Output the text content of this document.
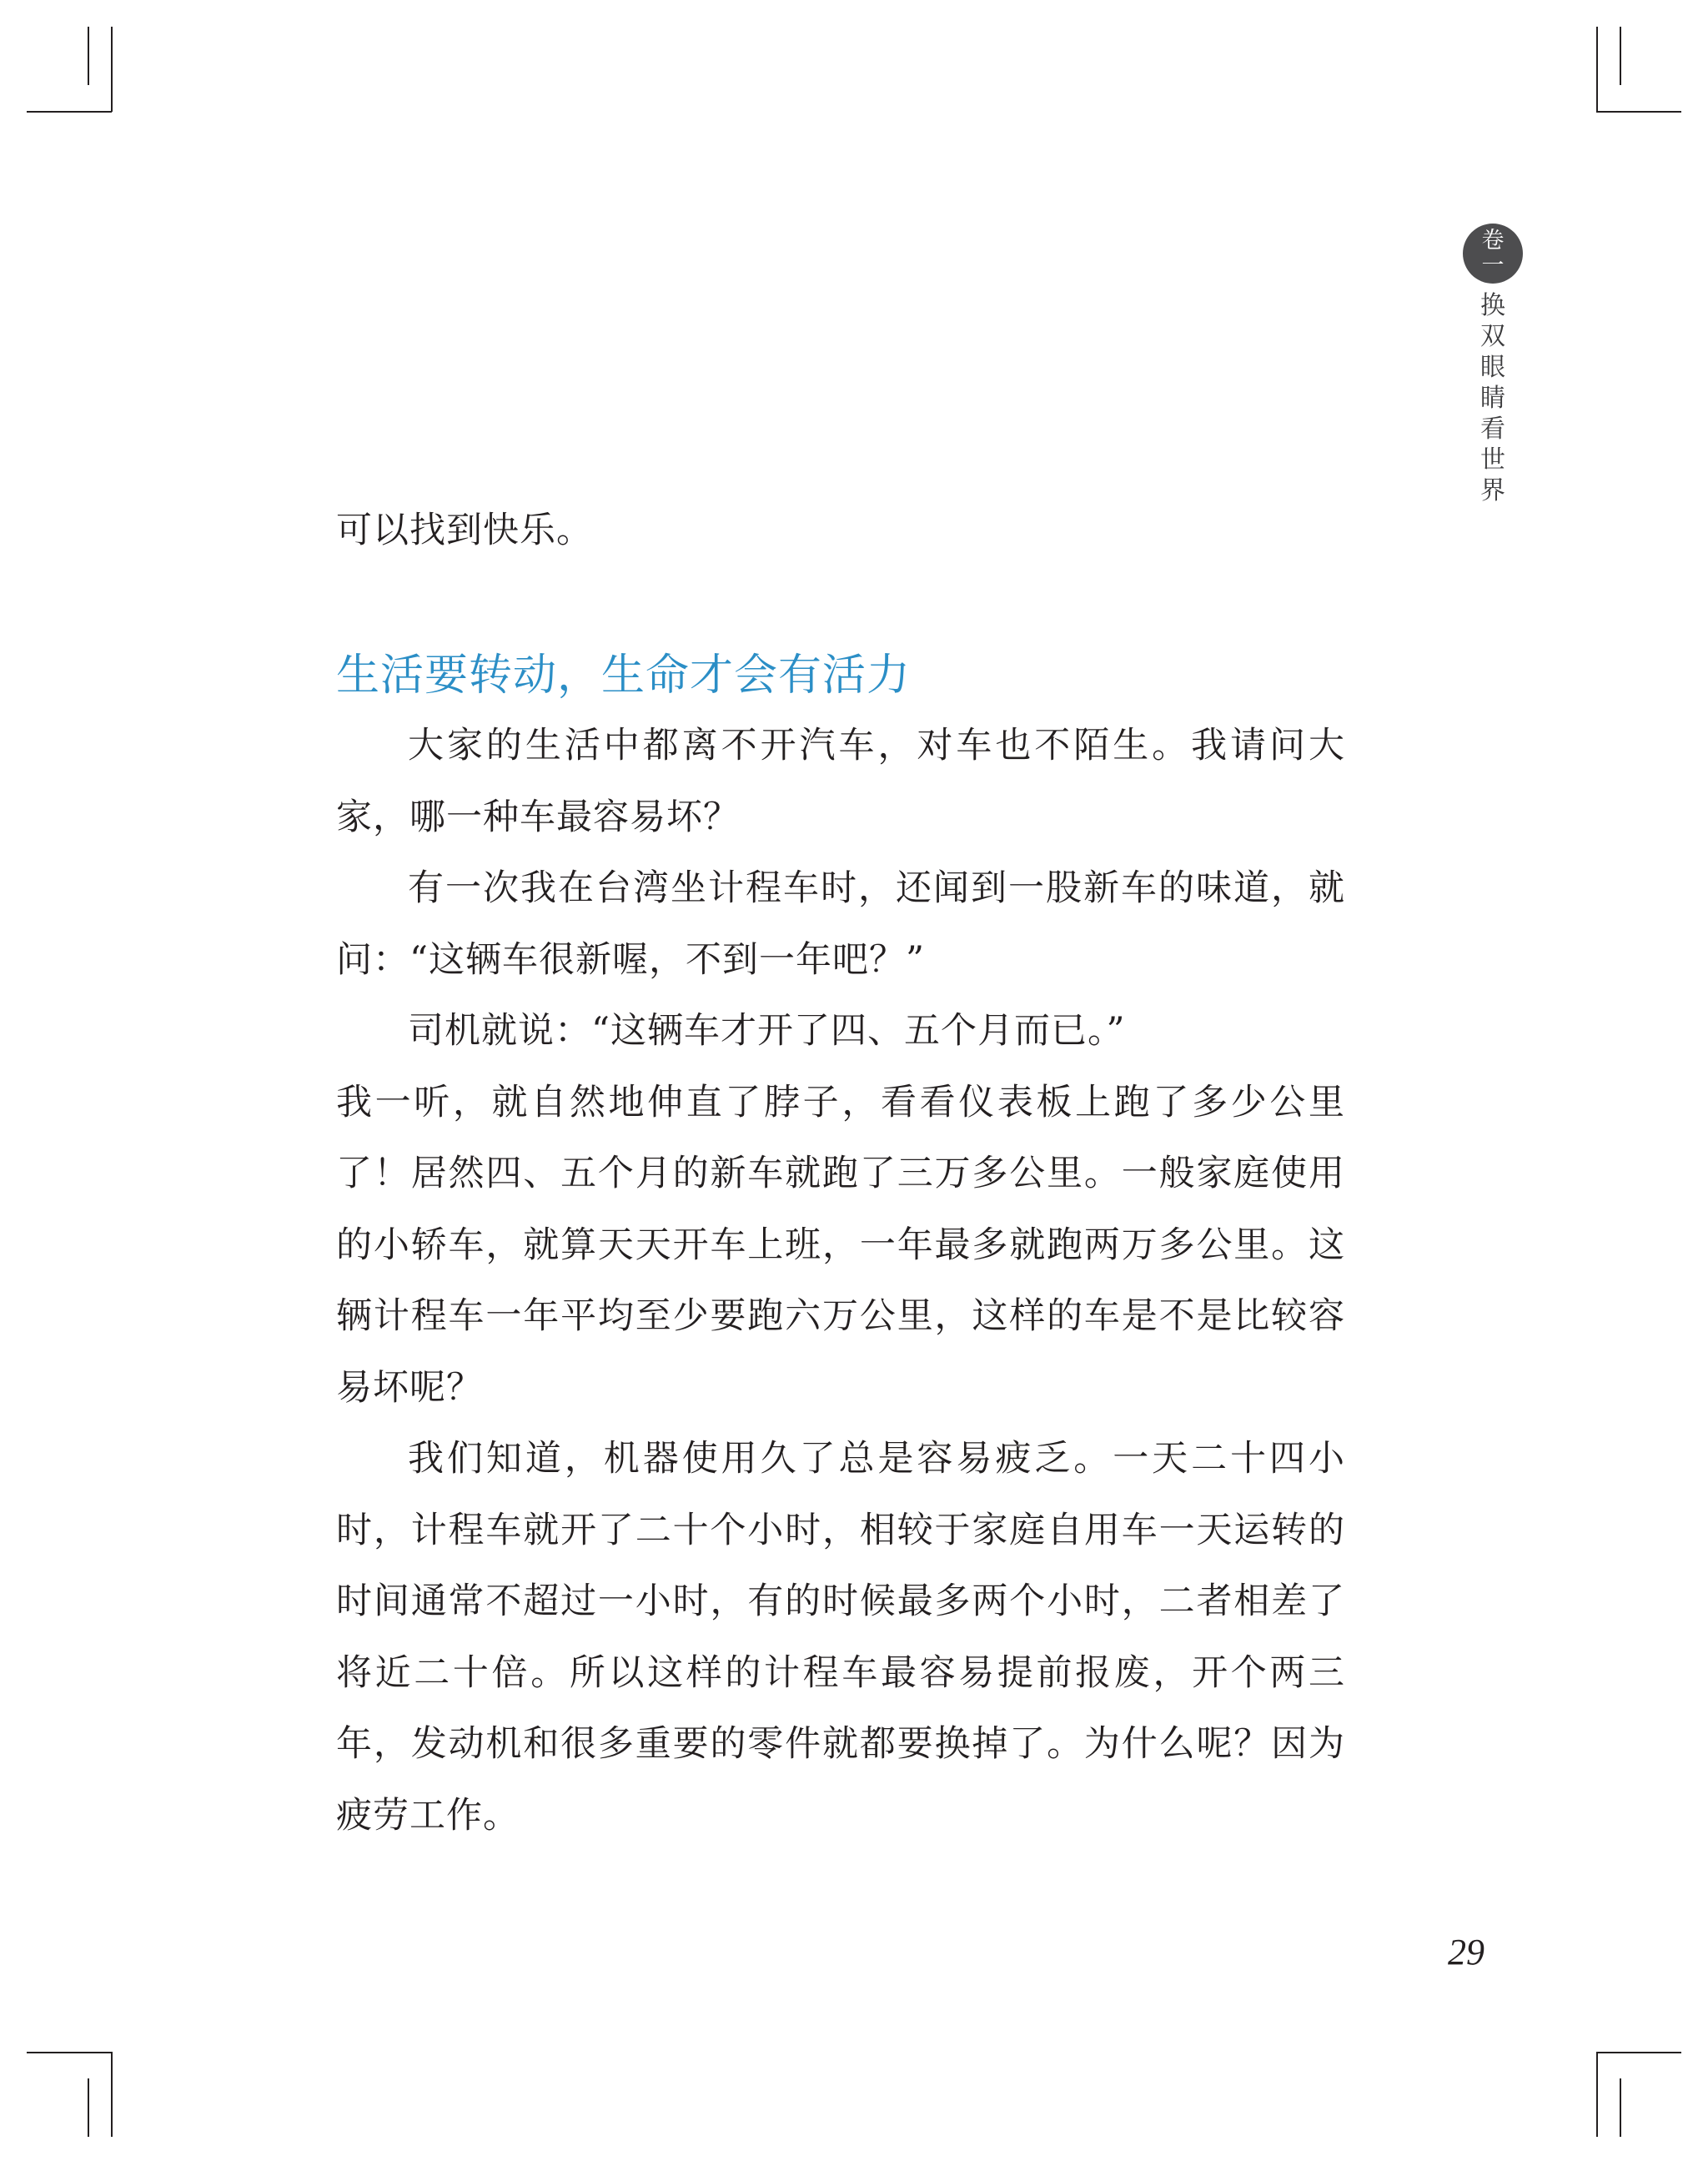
卷
一
换双眼睛看世界

可以找到快乐。

生活要转动，生命才会有活力

大家的生活中都离不开汽车，对车也不陌生。我请问大家，哪一种车最容易坏？

有一次我在台湾坐计程车时，还闻到一股新车的味道，就问：“这辆车很新喔，不到一年吧？”

司机就说：“这辆车才开了四、五个月而已。”

我一听，就自然地伸直了脖子，看看仪表板上跑了多少公里了！居然四、五个月的新车就跑了三万多公里。一般家庭使用的小轿车，就算天天开车上班，一年最多就跑两万多公里。这辆计程车一年平均至少要跑六万公里，这样的车是不是比较容易坏呢？

我们知道，机器使用久了总是容易疲乏。一天二十四小时，计程车就开了二十个小时，相较于家庭自用车一天运转的时间通常不超过一小时，有的时候最多两个小时，二者相差了将近二十倍。所以这样的计程车最容易提前报废，开个两三年，发动机和很多重要的零件就都要换掉了。为什么呢？因为疲劳工作。

29
